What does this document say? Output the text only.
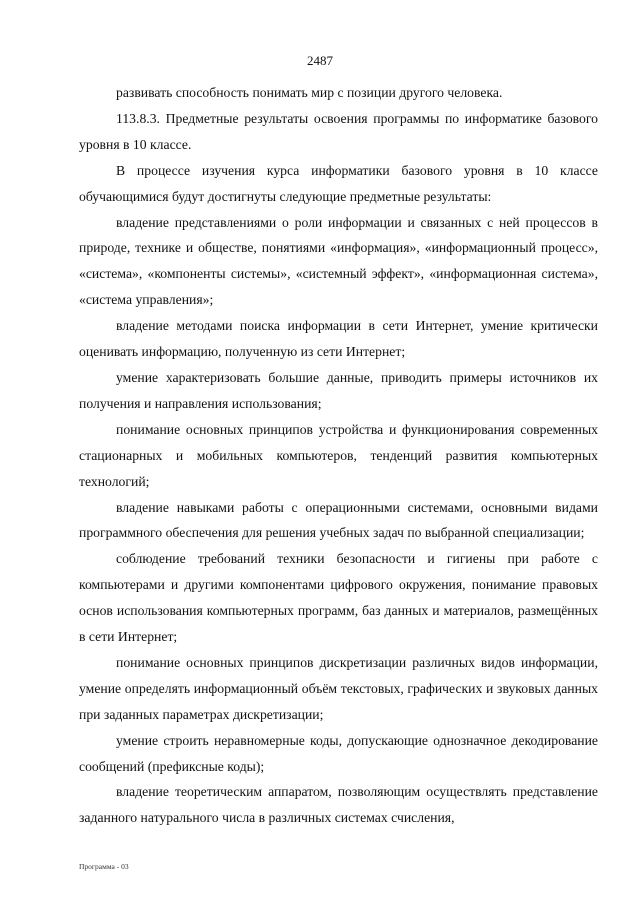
2487

развивать способность понимать мир с позиции другого человека.

113.8.3. Предметные результаты освоения программы по информатике базового уровня в 10 классе.

В процессе изучения курса информатики базового уровня в 10 классе обучающимися будут достигнуты следующие предметные результаты:

владение представлениями о роли информации и связанных с ней процессов в природе, технике и обществе, понятиями «информация», «информационный процесс», «система», «компоненты системы», «системный эффект», «информационная система», «система управления»;

владение методами поиска информации в сети Интернет, умение критически оценивать информацию, полученную из сети Интернет;

умение характеризовать большие данные, приводить примеры источников их получения и направления использования;

понимание основных принципов устройства и функционирования современных стационарных и мобильных компьютеров, тенденций развития компьютерных технологий;

владение навыками работы с операционными системами, основными видами программного обеспечения для решения учебных задач по выбранной специализации;

соблюдение требований техники безопасности и гигиены при работе с компьютерами и другими компонентами цифрового окружения, понимание правовых основ использования компьютерных программ, баз данных и материалов, размещённых в сети Интернет;

понимание основных принципов дискретизации различных видов информации, умение определять информационный объём текстовых, графических и звуковых данных при заданных параметрах дискретизации;

умение строить неравномерные коды, допускающие однозначное декодирование сообщений (префиксные коды);

владение теоретическим аппаратом, позволяющим осуществлять представление заданного натурального числа в различных системах счисления,

Программа - 03
